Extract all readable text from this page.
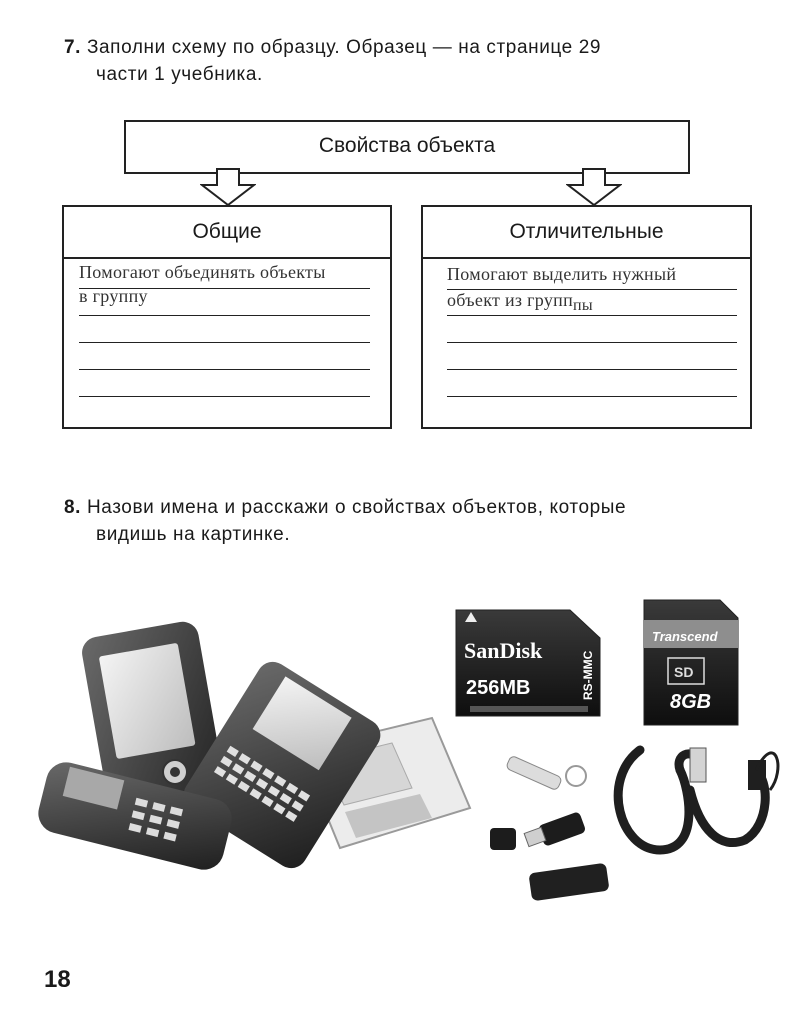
7. Заполни схему по образцу. Образец — на странице 29
части 1 учебника.
Свойства объекта
Общие
Помогают объединять объекты
в группу
Отличительные
Помогают выделить нужный
объект из групппы
8. Назови имена и расскажи о свойствах объектов, которые
видишь на картинке.
SanDisk
256MB	RS-MMC
Transcend
SD
8GB
18
